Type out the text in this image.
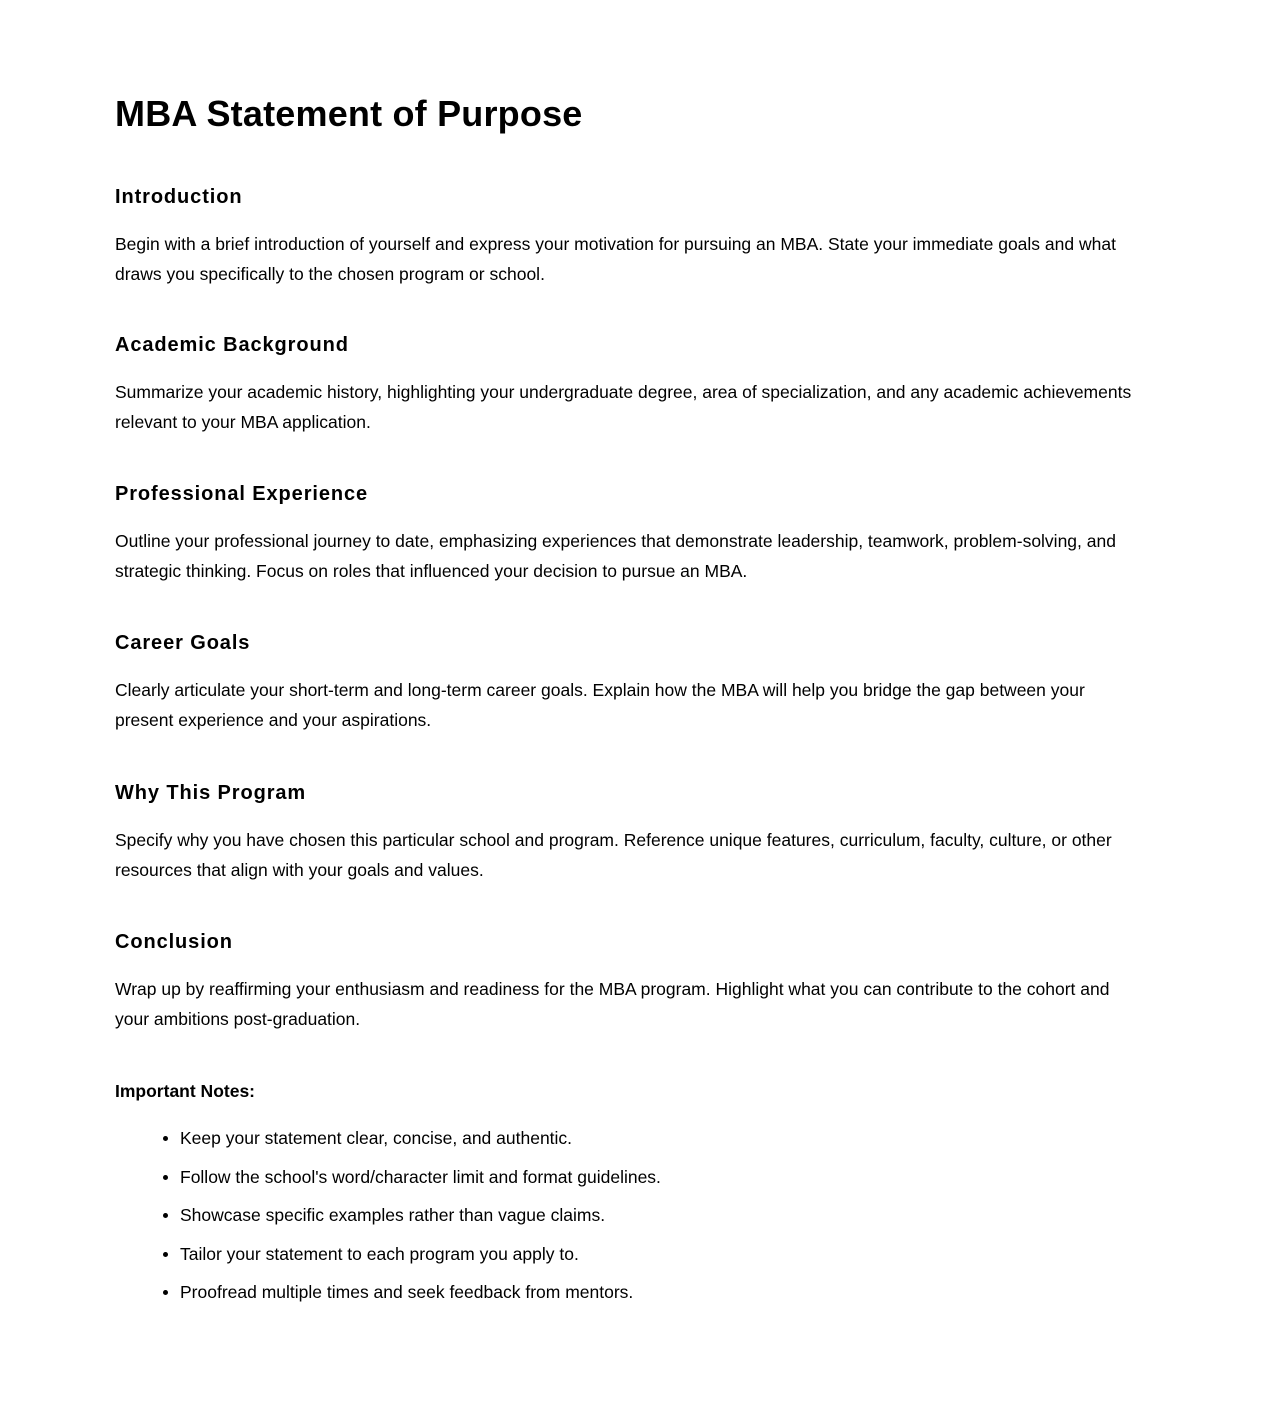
MBA Statement of Purpose
Introduction

Begin with a brief introduction of yourself and express your motivation for pursuing an MBA. State your immediate goals and what draws you specifically to the chosen program or school.

Academic Background

Summarize your academic history, highlighting your undergraduate degree, area of specialization, and any academic achievements relevant to your MBA application.

Professional Experience

Outline your professional journey to date, emphasizing experiences that demonstrate leadership, teamwork, problem-solving, and strategic thinking. Focus on roles that influenced your decision to pursue an MBA.

Career Goals

Clearly articulate your short-term and long-term career goals. Explain how the MBA will help you bridge the gap between your present experience and your aspirations.

Why This Program

Specify why you have chosen this particular school and program. Reference unique features, curriculum, faculty, culture, or other resources that align with your goals and values.

Conclusion

Wrap up by reaffirming your enthusiasm and readiness for the MBA program. Highlight what you can contribute to the cohort and your ambitions post-graduation.

Important Notes:
Keep your statement clear, concise, and authentic.
Follow the school's word/character limit and format guidelines.
Showcase specific examples rather than vague claims.
Tailor your statement to each program you apply to.
Proofread multiple times and seek feedback from mentors.
